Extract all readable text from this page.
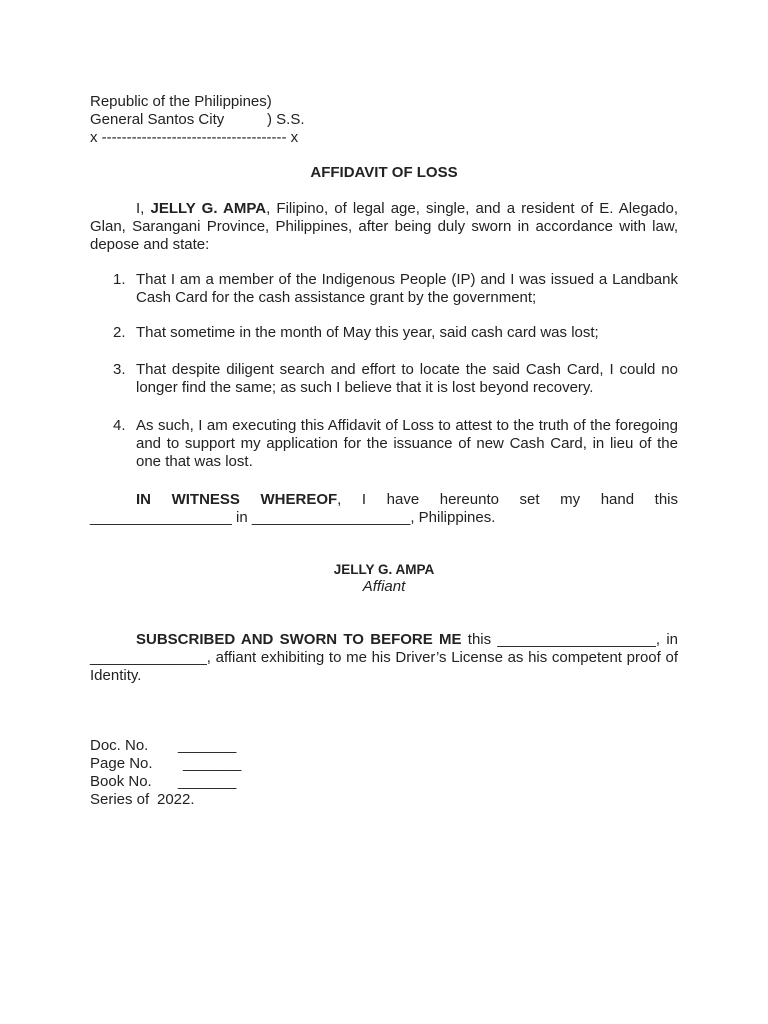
Republic of the Philippines)
General Santos City	) S.S.
x ------------------------------------- x
AFFIDAVIT OF LOSS
I, JELLY G. AMPA, Filipino, of legal age, single, and a resident of E. Alegado,
Glan, Sarangani Province, Philippines, after being duly sworn in accordance with law,
depose and state:
1. That I am a member of the Indigenous People (IP) and I was issued a Landbank
Cash Card for the cash assistance grant by the government;
2. That sometime in the month of May this year, said cash card was lost;
3. That despite diligent search and effort to locate the said Cash Card, I could no
longer find the same; as such I believe that it is lost beyond recovery.
4. As such, I am executing this Affidavit of Loss to attest to the truth of the foregoing
and to support my application for the issuance of new Cash Card, in lieu of the
one that was lost.
IN WITNESS WHEREOF, I have hereunto set my hand this
_________________ in ___________________, Philippines.
JELLY G. AMPA
Affiant
SUBSCRIBED AND SWORN TO BEFORE ME this ___________________, in
______________, affiant exhibiting to me his Driver’s License as his competent proof of
Identity.
Doc. No. _______
Page No. _______
Book No. _______
Series of 2022.
